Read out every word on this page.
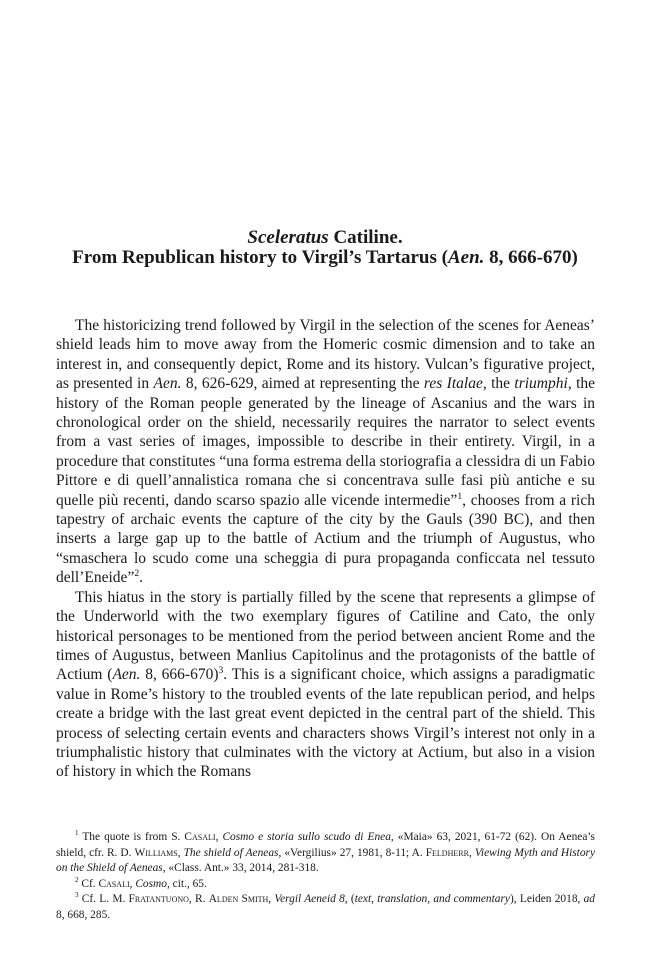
Sceleratus Catiline.
From Republican history to Virgil’s Tartarus (Aen. 8, 666-670)

The historicizing trend followed by Virgil in the selection of the scenes for Aeneas’ shield leads him to move away from the Homeric cosmic dimension and to take an interest in, and consequently depict, Rome and its history. Vulcan’s figurative project, as presented in Aen. 8, 626-629, aimed at representing the res Italae, the triumphi, the history of the Roman people generated by the lineage of Ascanius and the wars in chronological order on the shield, necessarily requires the narrator to select events from a vast series of images, impossible to describe in their entirety. Virgil, in a procedure that constitutes “una forma estrema della storiografia a clessidra di un Fabio Pittore e di quell’annalistica romana che si concentrava sulle fasi più antiche e su quelle più recenti, dando scarso spazio alle vicende intermedie”$^1$, chooses from a rich tapestry of archaic events the capture of the city by the Gauls (390 BC), and then inserts a large gap up to the battle of Actium and the triumph of Augustus, who “smaschera lo scudo come una scheggia di pura propaganda conficcata nel tessuto dell’Eneide”$^2$.

This hiatus in the story is partially filled by the scene that represents a glimpse of the Underworld with the two exemplary figures of Catiline and Cato, the only historical personages to be mentioned from the period between ancient Rome and the times of Augustus, between Manlius Capitolinus and the protagonists of the battle of Actium (Aen. 8, 666-670)$^3$. This is a significant choice, which assigns a paradigmatic value in Rome’s history to the troubled events of the late republican period, and helps create a bridge with the last great event depicted in the central part of the shield. This process of selecting certain events and characters shows Virgil’s interest not only in a triumphalistic history that culminates with the victory at Actium, but also in a vision of history in which the Romans

$^1$ The quote is from S. Casali, Cosmo e storia sullo scudo di Enea, «Maia» 63, 2021, 61-72 (62). On Aenea’s shield, cfr. R. D. Williams, The shield of Aeneas, «Vergilius» 27, 1981, 8-11; A. Feldherr, Viewing Myth and History on the Shield of Aeneas, «Class. Ant.» 33, 2014, 281-318.

$^2$ Cf. Casali, Cosmo, cit., 65.

$^3$ Cf. L. M. Fratantuono, R. Alden Smith, Vergil Aeneid 8, (text, translation, and commentary), Leiden 2018, ad 8, 668, 285.
